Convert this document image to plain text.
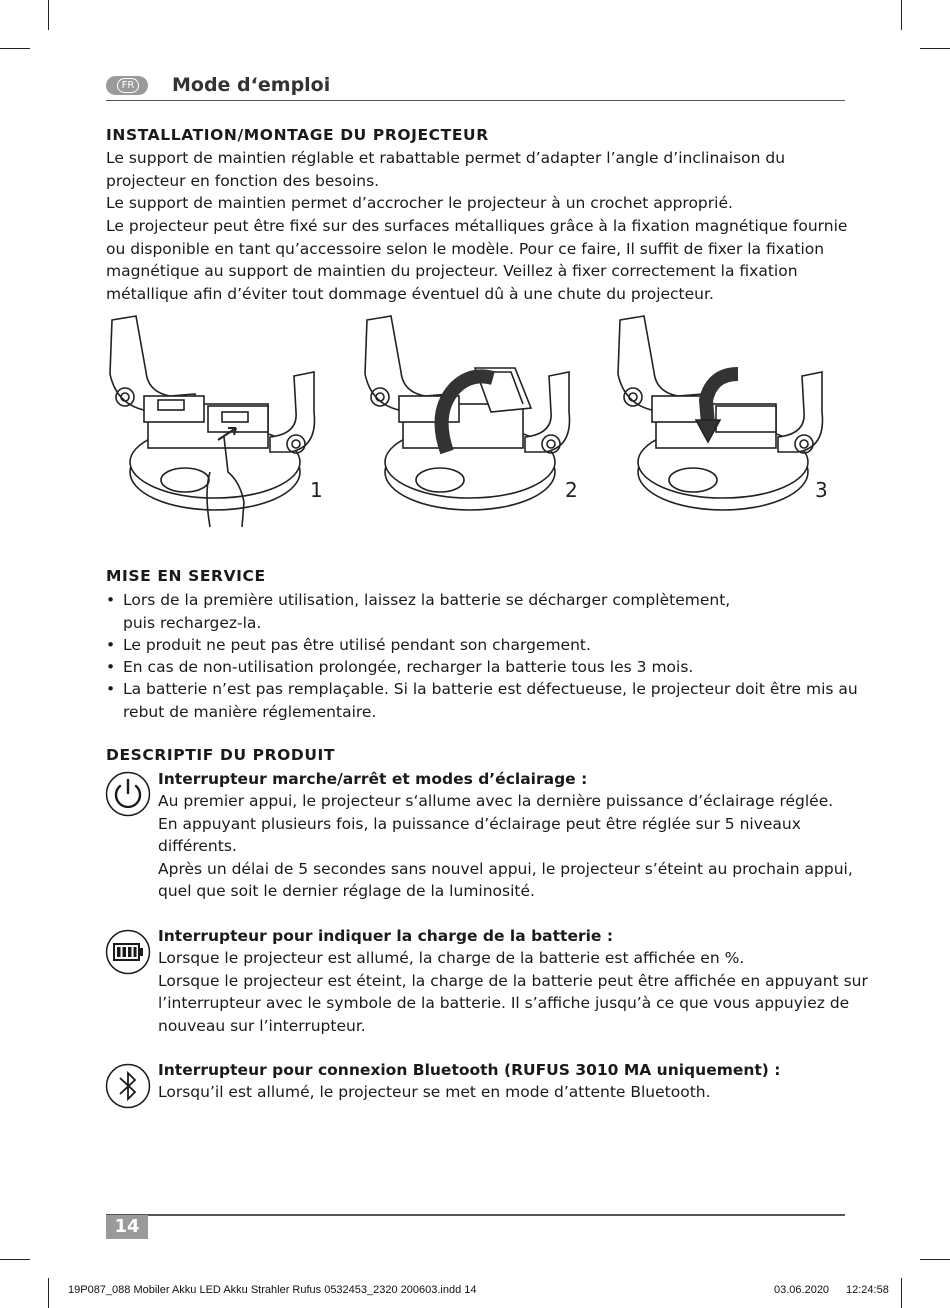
FR Mode d‘emploi
INSTALLATION/MONTAGE DU PROJECTEUR
Le support de maintien réglable et rabattable permet d’adapter l’angle d’inclinaison du
projecteur en fonction des besoins.
Le support de maintien permet d’accrocher le projecteur à un crochet approprié.
Le projecteur peut être fixé sur des surfaces métalliques grâce à la fixation magnétique fournie
ou disponible en tant qu’accessoire selon le modèle. Pour ce faire, Il suffit de fixer la fixation
magnétique au support de maintien du projecteur. Veillez à fixer correctement la fixation
métallique afin d’éviter tout dommage éventuel dû à une chute du projecteur.
1	2	3
MISE EN SERVICE
• Lors de la première utilisation, laissez la batterie se décharger complètement,
puis rechargez-la.
• Le produit ne peut pas être utilisé pendant son chargement.
• En cas de non-utilisation prolongée, recharger la batterie tous les 3 mois.
• La batterie n’est pas remplaçable. Si la batterie est défectueuse, le projecteur doit être mis au
rebut de manière réglementaire.
DESCRIPTIF DU PRODUIT
Interrupteur marche/arrêt et modes d’éclairage :
Au premier appui, le projecteur s‘allume avec la dernière puissance d’éclairage réglée.
En appuyant plusieurs fois, la puissance d’éclairage peut être réglée sur 5 niveaux
différents.
Après un délai de 5 secondes sans nouvel appui, le projecteur s’éteint au prochain appui,
quel que soit le dernier réglage de la luminosité.
Interrupteur pour indiquer la charge de la batterie :
Lorsque le projecteur est allumé, la charge de la batterie est affichée en %.
Lorsque le projecteur est éteint, la charge de la batterie peut être affichée en appuyant sur
l’interrupteur avec le symbole de la batterie. Il s’affiche jusqu’à ce que vous appuyiez de
nouveau sur l’interrupteur.
Interrupteur pour connexion Bluetooth (RUFUS 3010 MA uniquement) :
Lorsqu’il est allumé, le projecteur se met en mode d’attente Bluetooth.
14
19P087_088 Mobiler Akku LED Akku Strahler Rufus 0532453_2320 200603.indd 14	03.06.2020 12:24:58
